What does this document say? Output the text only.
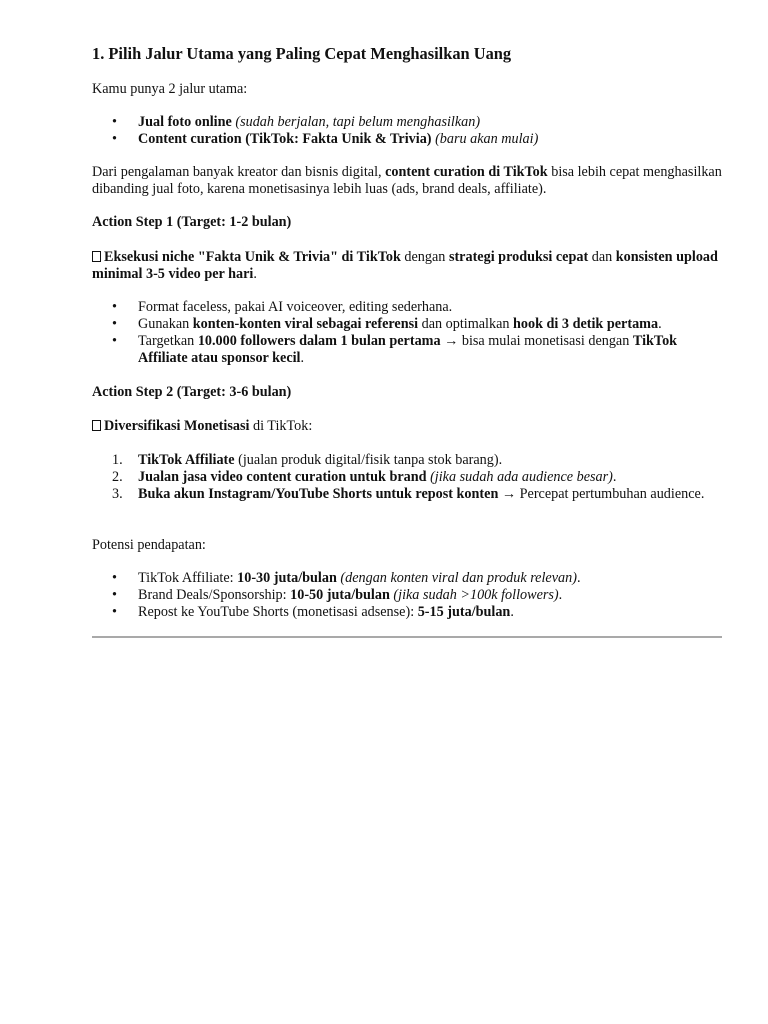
1. Pilih Jalur Utama yang Paling Cepat Menghasilkan Uang

Kamu punya 2 jalur utama:

• Jual foto online (sudah berjalan, tapi belum menghasilkan)
• Content curation (TikTok: Fakta Unik & Trivia) (baru akan mulai)

Dari pengalaman banyak kreator dan bisnis digital, content curation di TikTok bisa lebih cepat menghasilkan dibanding jual foto, karena monetisasinya lebih luas (ads, brand deals, affiliate).

Action Step 1 (Target: 1-2 bulan)

Eksekusi niche "Fakta Unik & Trivia" di TikTok dengan strategi produksi cepat dan konsisten upload minimal 3-5 video per hari.

• Format faceless, pakai AI voiceover, editing sederhana.
• Gunakan konten-konten viral sebagai referensi dan optimalkan hook di 3 detik pertama.
• Targetkan 10.000 followers dalam 1 bulan pertama → bisa mulai monetisasi dengan TikTok Affiliate atau sponsor kecil.

Action Step 2 (Target: 3-6 bulan)

Diversifikasi Monetisasi di TikTok:

1. TikTok Affiliate (jualan produk digital/fisik tanpa stok barang).
2. Jualan jasa video content curation untuk brand (jika sudah ada audience besar).
3. Buka akun Instagram/YouTube Shorts untuk repost konten → Percepat pertumbuhan audience.

Potensi pendapatan:

• TikTok Affiliate: 10-30 juta/bulan (dengan konten viral dan produk relevan).
• Brand Deals/Sponsorship: 10-50 juta/bulan (jika sudah >100k followers).
• Repost ke YouTube Shorts (monetisasi adsense): 5-15 juta/bulan.
